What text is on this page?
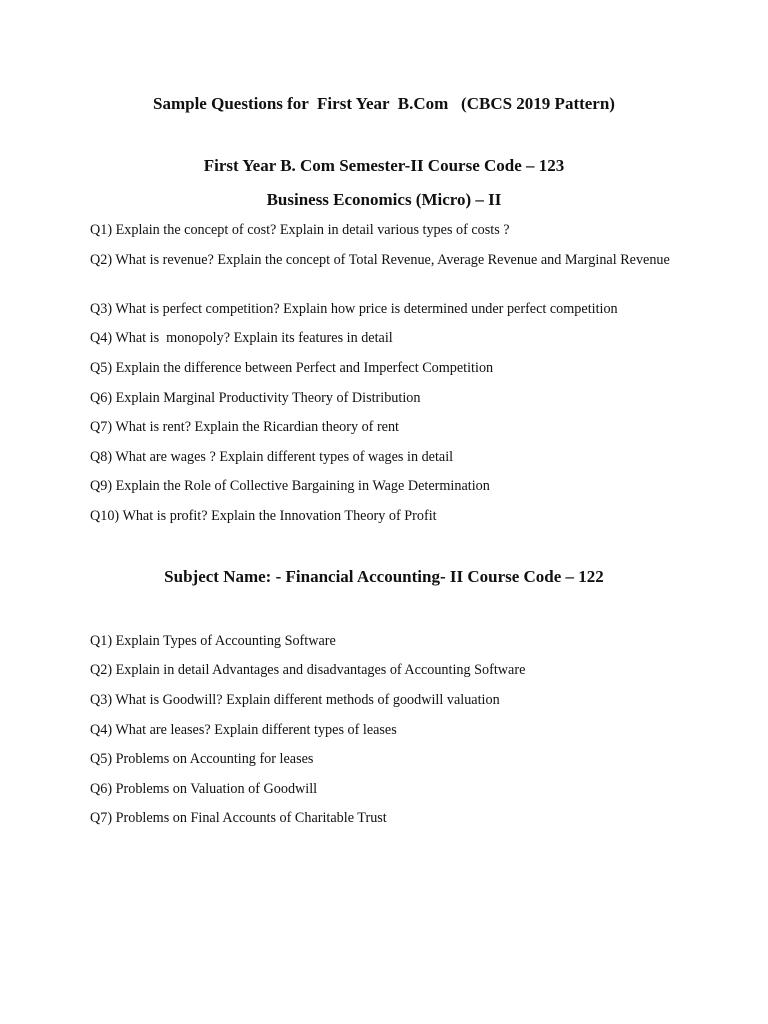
Sample Questions for  First Year  B.Com   (CBCS 2019 Pattern)
First Year B. Com Semester-II Course Code – 123
Business Economics (Micro) – II
Q1) Explain the concept of cost? Explain in detail various types of costs ?
Q2) What is revenue? Explain the concept of Total Revenue, Average Revenue and Marginal Revenue
Q3) What is perfect competition? Explain how price is determined under perfect competition
Q4) What is  monopoly? Explain its features in detail
Q5) Explain the difference between Perfect and Imperfect Competition
Q6) Explain Marginal Productivity Theory of Distribution
Q7) What is rent? Explain the Ricardian theory of rent
Q8) What are wages ? Explain different types of wages in detail
Q9) Explain the Role of Collective Bargaining in Wage Determination
Q10) What is profit? Explain the Innovation Theory of Profit
Subject Name: - Financial Accounting- II Course Code – 122
Q1) Explain Types of Accounting Software
Q2) Explain in detail Advantages and disadvantages of Accounting Software
Q3) What is Goodwill? Explain different methods of goodwill valuation
Q4) What are leases? Explain different types of leases
Q5) Problems on Accounting for leases
Q6) Problems on Valuation of Goodwill
Q7) Problems on Final Accounts of Charitable Trust
